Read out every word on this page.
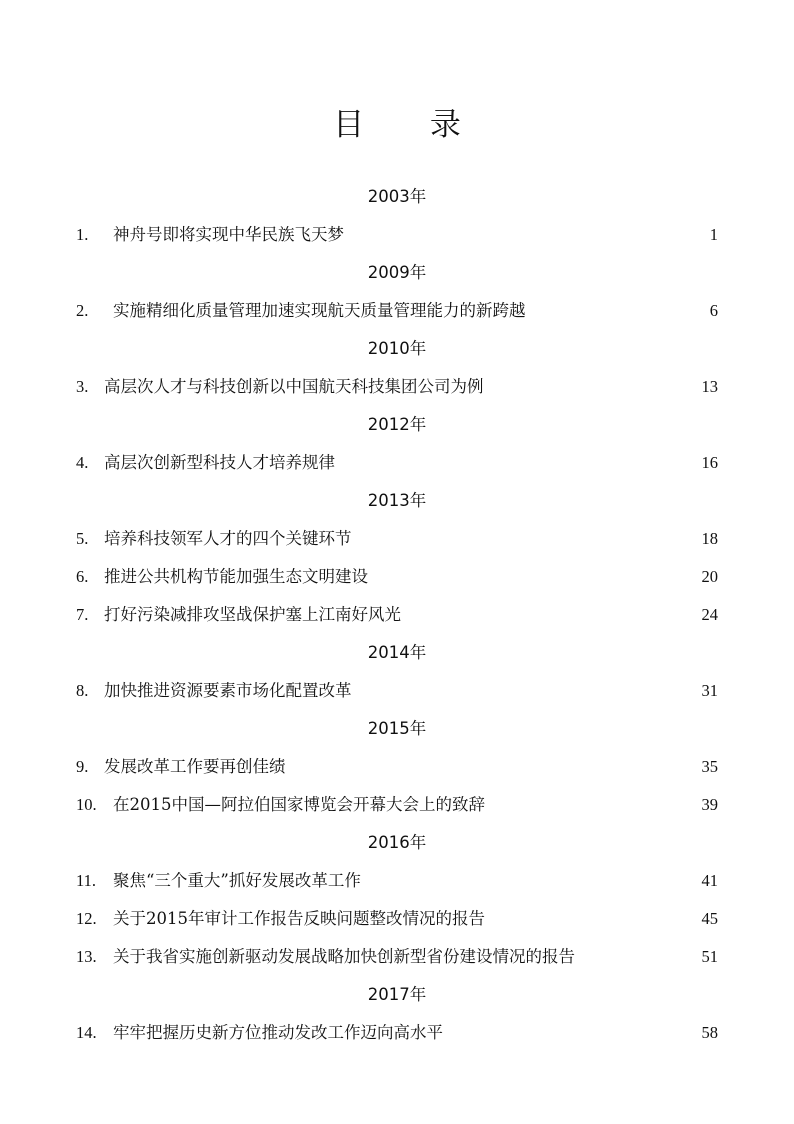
目 录
2003年
1. 神舟号即将实现中华民族飞天梦	1
2009年
2. 实施精细化质量管理加速实现航天质量管理能力的新跨越	6
2010年
3. 高层次人才与科技创新以中国航天科技集团公司为例	13
2012年
4. 高层次创新型科技人才培养规律	16
2013年
5. 培养科技领军人才的四个关键环节	18
6. 推进公共机构节能加强生态文明建设	20
7. 打好污染减排攻坚战保护塞上江南好风光	24
2014年
8. 加快推进资源要素市场化配置改革	31
2015年
9. 发展改革工作要再创佳绩	35
10. 在2015中国—阿拉伯国家博览会开幕大会上的致辞	39
2016年
11. 聚焦“三个重大”抓好发展改革工作	41
12. 关于2015年审计工作报告反映问题整改情况的报告	45
13. 关于我省实施创新驱动发展战略加快创新型省份建设情况的报告	51
2017年
14. 牢牢把握历史新方位推动发改工作迈向高水平	58
